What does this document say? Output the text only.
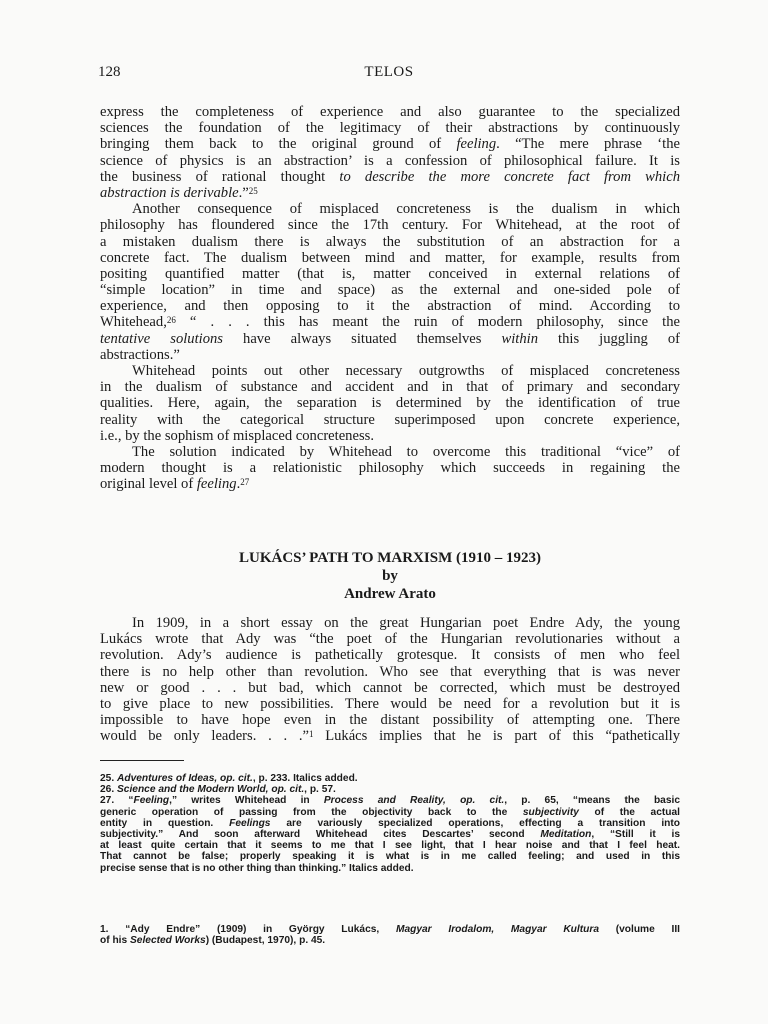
128	TELOS
express the completeness of experience and also guarantee to the specialized
sciences the foundation of the legitimacy of their abstractions by continuously
bringing them back to the original ground of feeling. “The mere phrase ‘the
science of physics is an abstraction’ is a confession of philosophical failure. It is
the business of rational thought to describe the more concrete fact from which
abstraction is derivable.”$^{25}$
Another consequence of misplaced concreteness is the dualism in which
philosophy has floundered since the 17th century. For Whitehead, at the root of
a mistaken dualism there is always the substitution of an abstraction for a
concrete fact. The dualism between mind and matter, for example, results from
positing quantified matter (that is, matter conceived in external relations of
“simple location” in time and space) as the external and one-sided pole of
experience, and then opposing to it the abstraction of mind. According to
Whitehead,$^{26}$ “ . . . this has meant the ruin of modern philosophy, since the
tentative solutions have always situated themselves within this juggling of
abstractions.”
Whitehead points out other necessary outgrowths of misplaced concreteness
in the dualism of substance and accident and in that of primary and secondary
qualities. Here, again, the separation is determined by the identification of true
reality with the categorical structure superimposed upon concrete experience,
i.e., by the sophism of misplaced concreteness.
The solution indicated by Whitehead to overcome this traditional “vice” of
modern thought is a relationistic philosophy which succeeds in regaining the
original level of feeling.$^{27}$
LUKÁCS’ PATH TO MARXISM (1910 – 1923)
by
Andrew Arato
In 1909, in a short essay on the great Hungarian poet Endre Ady, the young
Lukács wrote that Ady was “the poet of the Hungarian revolutionaries without a
revolution. Ady’s audience is pathetically grotesque. It consists of men who feel
there is no help other than revolution. Who see that everything that is was never
new or good . . . but bad, which cannot be corrected, which must be destroyed
to give place to new possibilities. There would be need for a revolution but it is
impossible to have hope even in the distant possibility of attempting one. There
would be only leaders. . . .”$^1$ Lukács implies that he is part of this “pathetically
25. Adventures of Ideas, op. cit., p. 233. Italics added.
26. Science and the Modern World, op. cit., p. 57.
27. “Feeling,” writes Whitehead in Process and Reality, op. cit., p. 65, “means the basic
generic operation of passing from the objectivity back to the subjectivity of the actual
entity in question. Feelings are variously specialized operations, effecting a transition into
subjectivity.” And soon afterward Whitehead cites Descartes’ second Meditation, “Still it is
at least quite certain that it seems to me that I see light, that I hear noise and that I feel heat.
That cannot be false; properly speaking it is what is in me called feeling; and used in this
precise sense that is no other thing than thinking.” Italics added.
1. “Ady Endre” (1909) in György Lukács, Magyar Irodalom, Magyar Kultura (volume III
of his Selected Works) (Budapest, 1970), p. 45.
